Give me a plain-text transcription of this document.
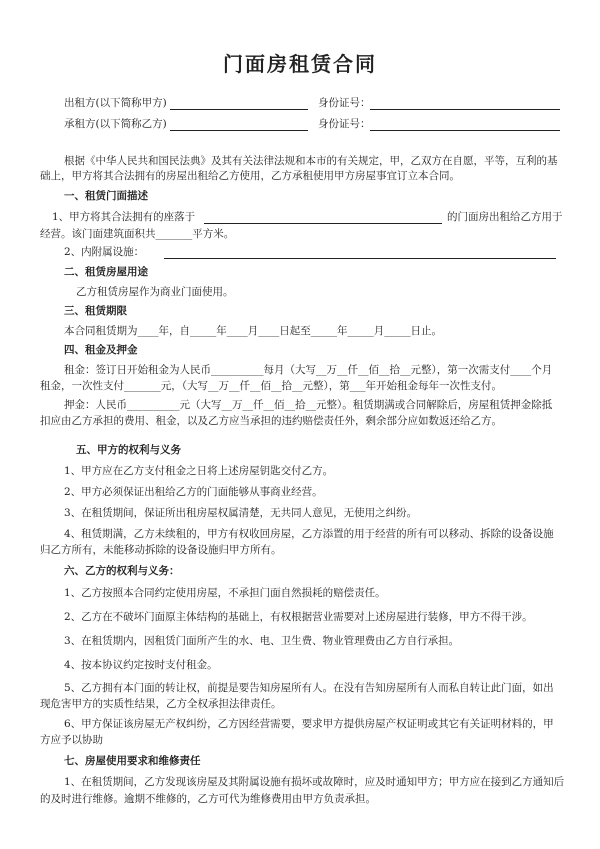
门面房租赁合同
出租方(以下简称甲方)	身份证号：
承租方(以下简称乙方)	身份证号：
根据《中华人民共和国民法典》及其有关法律法规和本市的有关规定，甲，乙双方在自愿，平等，互利的基
础上，甲方将其合法拥有的房屋出租给乙方使用，乙方承租使用甲方房屋事宜订立本合同。
一、租赁门面描述
1、甲方将其合法拥有的座落于	的门面房出租给乙方用于
经营。该门面建筑面积共_______平方米。
2、内附属设施：
二、租赁房屋用途
乙方租赁房屋作为商业门面使用。
三、租赁期限
本合同租赁期为____年，自_____年____月____日起至_____年_____月_____日止。
四、租金及押金
租金：签订日开始租金为人民币__________每月（大写__万__仟__佰__拾__元整），第一次需支付____个月
租金，一次性支付_______元，（大写__万__仟__佰__拾__元整），第___年开始租金每年一次性支付。
押金：人民币__________元（大写__万__仟__佰__拾__元整）。租赁期满或合同解除后，房屋租赁押金除抵
扣应由乙方承担的费用、租金，以及乙方应当承担的违约赔偿责任外，剩余部分应如数返还给乙方。
五、甲方的权利与义务
1、甲方应在乙方支付租金之日将上述房屋钥匙交付乙方。
2、甲方必须保证出租给乙方的门面能够从事商业经营。
3、在租赁期间，保证所出租房屋权属清楚，无共同人意见，无使用之纠纷。
4、租赁期满，乙方未续租的，甲方有权收回房屋，乙方添置的用于经营的所有可以移动、拆除的设备设施
归乙方所有，未能移动拆除的设备设施归甲方所有。
六、乙方的权利与义务：
1、乙方按照本合同约定使用房屋，不承担门面自然损耗的赔偿责任。
2、乙方在不破坏门面原主体结构的基础上，有权根据营业需要对上述房屋进行装修，甲方不得干涉。
3、在租赁期内，因租赁门面所产生的水、电、卫生费、物业管理费由乙方自行承担。
4、按本协议约定按时支付租金。
5、乙方拥有本门面的转让权，前提是要告知房屋所有人。在没有告知房屋所有人而私自转让此门面，如出
现危害甲方的实质性结果，乙方全权承担法律责任。
6、甲方保证该房屋无产权纠纷，乙方因经营需要，要求甲方提供房屋产权证明或其它有关证明材料的，甲
方应予以协助
七、房屋使用要求和维修责任
1、在租赁期间，乙方发现该房屋及其附属设施有损坏或故障时，应及时通知甲方；甲方应在接到乙方通知后
的及时进行维修。逾期不维修的，乙方可代为维修费用由甲方负责承担。
